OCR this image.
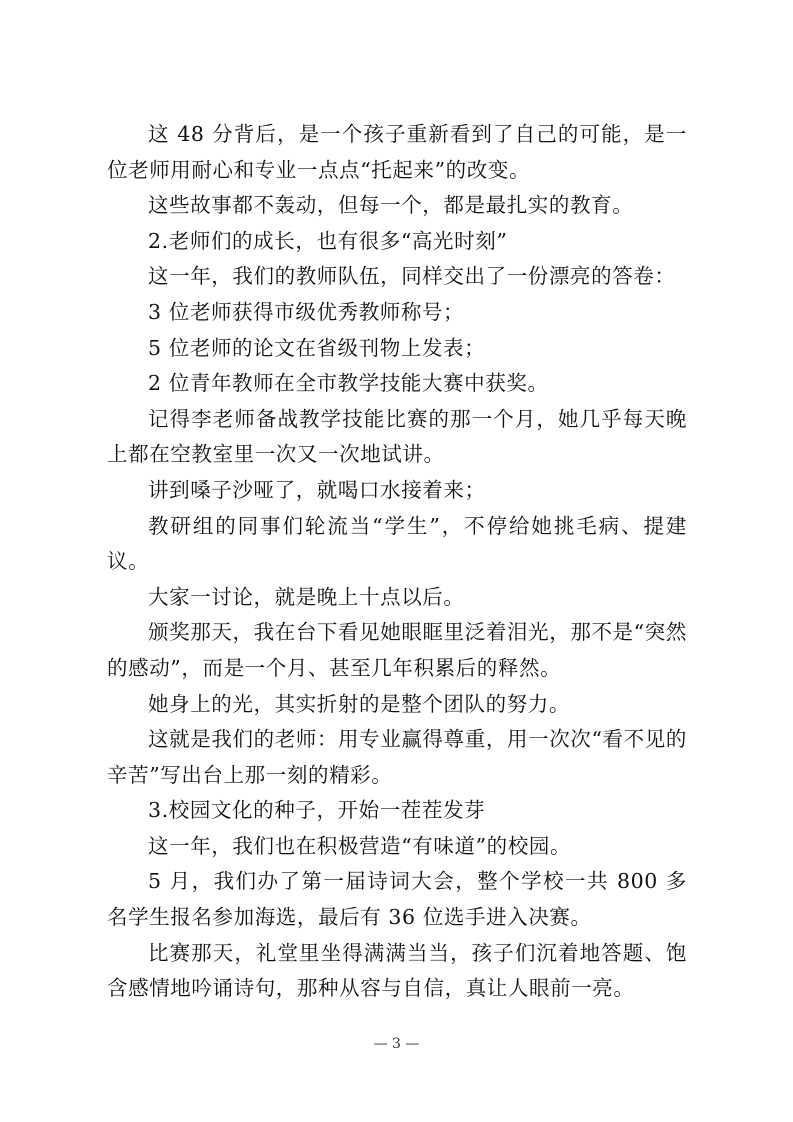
这 48 分背后，是一个孩子重新看到了自己的可能，是一位老师用耐心和专业一点点“托起来”的改变。

这些故事都不轰动，但每一个，都是最扎实的教育。

2.老师们的成长，也有很多“高光时刻”

这一年，我们的教师队伍，同样交出了一份漂亮的答卷：

3 位老师获得市级优秀教师称号；

5 位老师的论文在省级刊物上发表；

2 位青年教师在全市教学技能大赛中获奖。

记得李老师备战教学技能比赛的那一个月，她几乎每天晚上都在空教室里一次又一次地试讲。

讲到嗓子沙哑了，就喝口水接着来；

教研组的同事们轮流当“学生”，不停给她挑毛病、提建议。

大家一讨论，就是晚上十点以后。

颁奖那天，我在台下看见她眼眶里泛着泪光，那不是“突然的感动”，而是一个月、甚至几年积累后的释然。

她身上的光，其实折射的是整个团队的努力。

这就是我们的老师：用专业赢得尊重，用一次次“看不见的辛苦”写出台上那一刻的精彩。

3.校园文化的种子，开始一茬茬发芽

这一年，我们也在积极营造“有味道”的校园。

5 月，我们办了第一届诗词大会，整个学校一共 800 多名学生报名参加海选，最后有 36 位选手进入决赛。

比赛那天，礼堂里坐得满满当当，孩子们沉着地答题、饱含感情地吟诵诗句，那种从容与自信，真让人眼前一亮。

— 3 —
